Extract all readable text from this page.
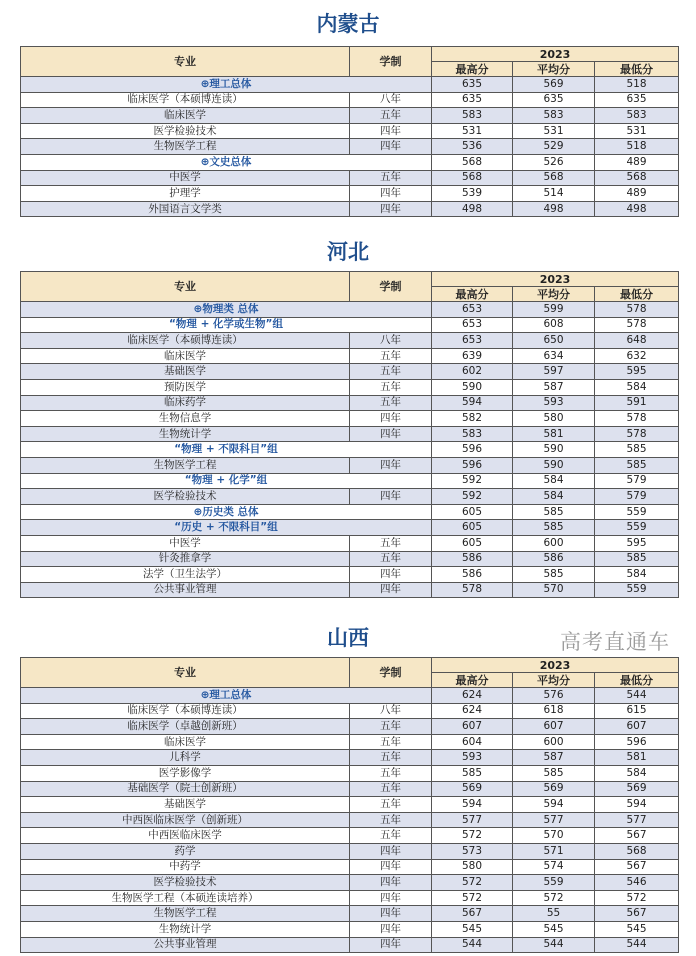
内蒙古
专业	学制	2023		
		最高分	平均分	最低分
⊕理工总体		635	569	518
临床医学（本硕博连读）	八年	635	635	635
临床医学	五年	583	583	583
医学检验技术	四年	531	531	531
生物医学工程	四年	536	529	518
⊕文史总体		568	526	489
中医学	五年	568	568	568
护理学	四年	539	514	489
外国语言文学类	四年	498	498	498
河北
专业	学制	2023		
		最高分	平均分	最低分
⊕物理类 总体		653	599	578
“物理 + 化学或生物”组		653	608	578
临床医学（本硕博连读）	八年	653	650	648
临床医学	五年	639	634	632
基础医学	五年	602	597	595
预防医学	五年	590	587	584
临床药学	五年	594	593	591
生物信息学	四年	582	580	578
生物统计学	四年	583	581	578
“物理 + 不限科目”组		596	590	585
生物医学工程	四年	596	590	585
“物理 + 化学”组		592	584	579
医学检验技术	四年	592	584	579
⊕历史类 总体		605	585	559
“历史 + 不限科目”组		605	585	559
中医学	五年	605	600	595
针灸推拿学	五年	586	586	585
法学（卫生法学）	四年	586	585	584
公共事业管理	四年	578	570	559
山西
专业	学制	2023		
		最高分	平均分	最低分
⊕理工总体		624	576	544
临床医学（本硕博连读）	八年	624	618	615
临床医学（卓越创新班）	五年	607	607	607
临床医学	五年	604	600	596
儿科学	五年	593	587	581
医学影像学	五年	585	585	584
基础医学（院士创新班）	五年	569	569	569
基础医学	五年	594	594	594
中西医临床医学（创新班）	五年	577	577	577
中西医临床医学	五年	572	570	567
药学	四年	573	571	568
中药学	四年	580	574	567
医学检验技术	四年	572	559	546
生物医学工程（本硕连读培养）	四年	572	572	572
生物医学工程	四年	567	55	567
生物统计学	四年	545	545	545
公共事业管理	四年	544	544	544
高考直通车
